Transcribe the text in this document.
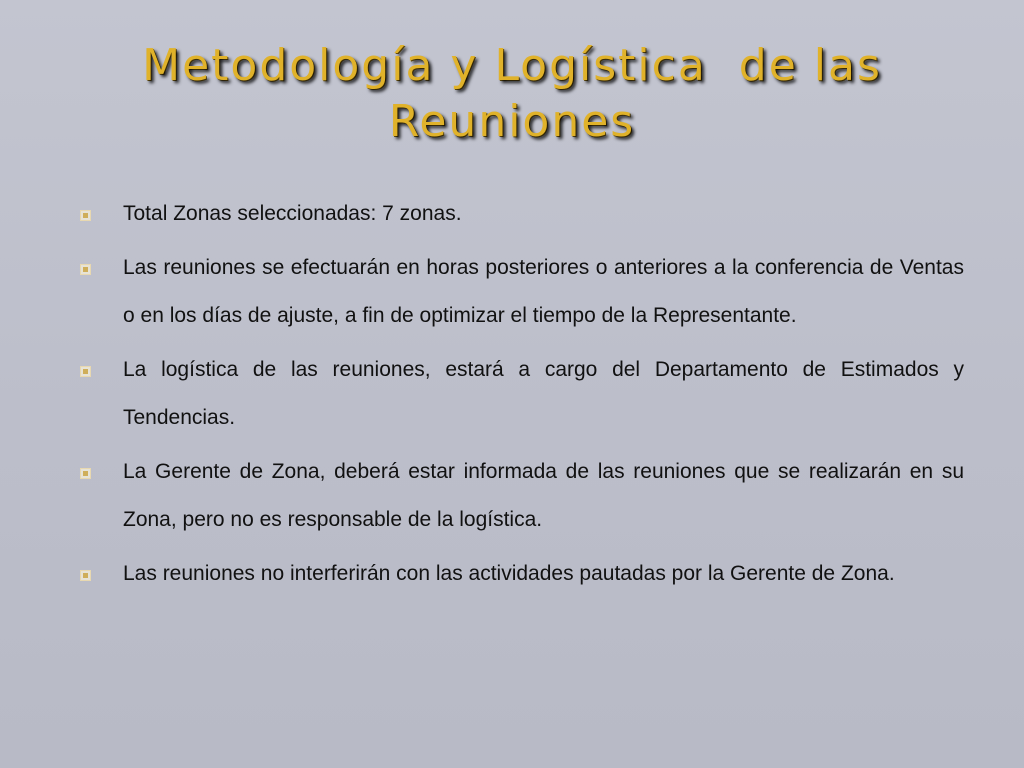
Metodología y Logística  de las
Reuniones
Total Zonas seleccionadas: 7 zonas.
Las reuniones se efectuarán en horas posteriores o anteriores a la conferencia de Ventas o en los días de ajuste, a fin de optimizar el tiempo de la Representante.
La logística de las reuniones, estará a cargo del Departamento de Estimados y Tendencias.
La Gerente de Zona, deberá estar informada de las reuniones que se realizarán en su Zona, pero no es responsable de la logística.
Las reuniones no interferirán con las actividades pautadas por la Gerente de Zona.
